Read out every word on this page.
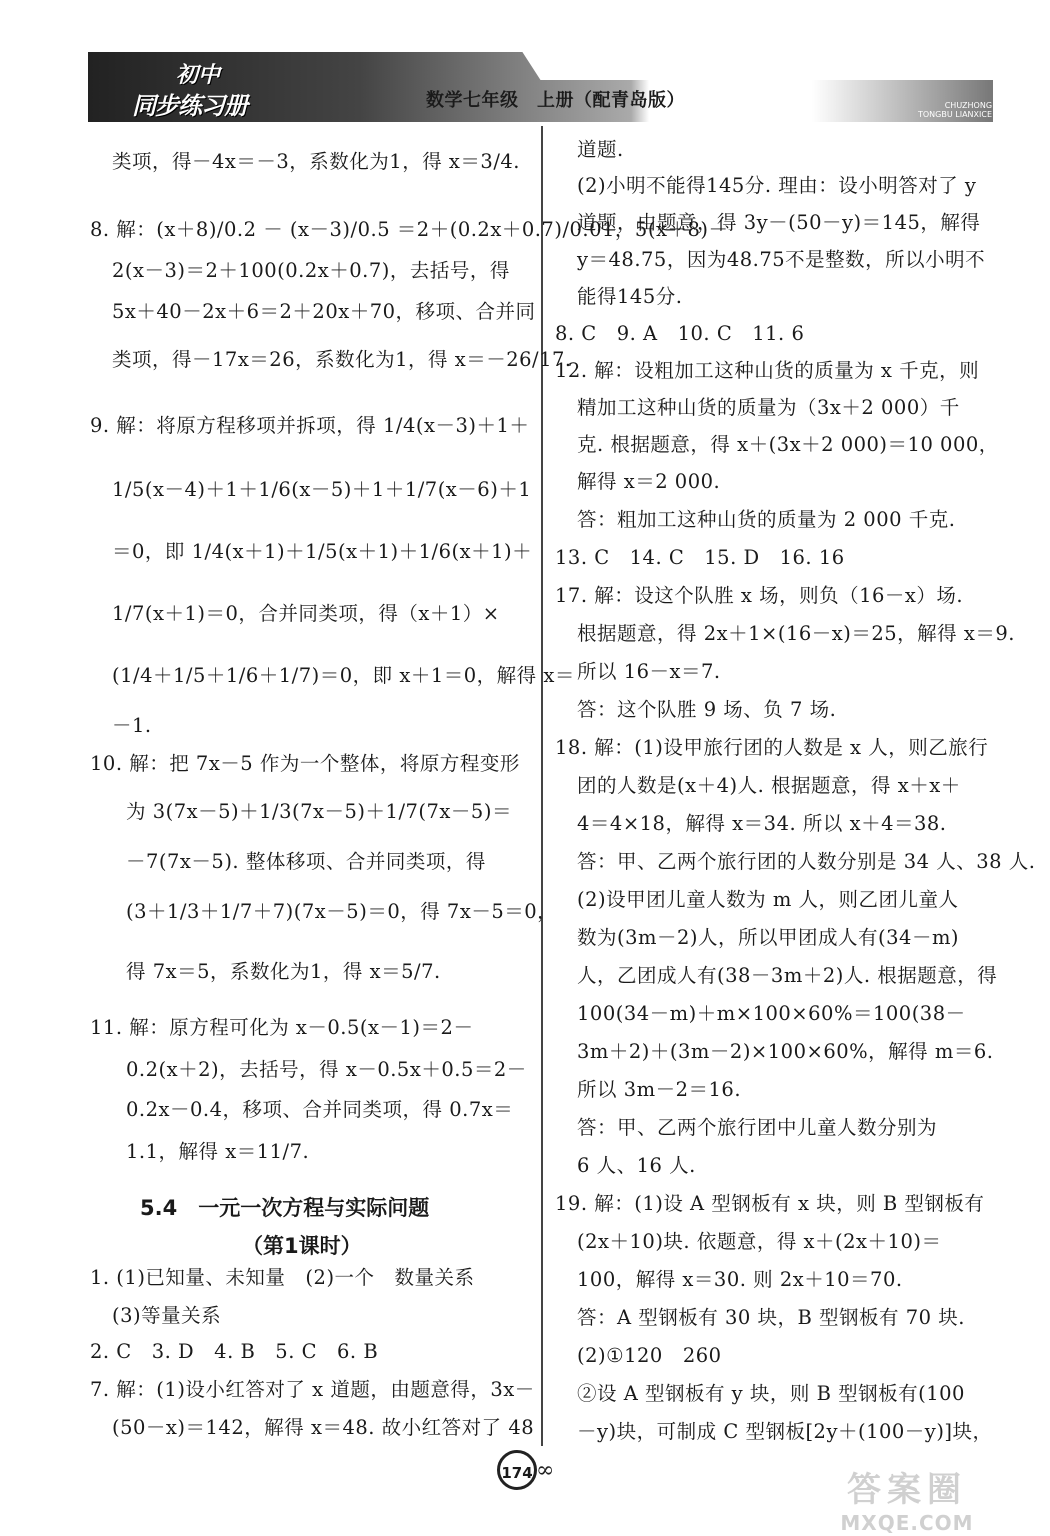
初中
同步练习册	数学七年级　上册（配青岛版）	CHUZHONG
TONGBU LIANXICE
类项，得－4x＝－3，系数化为1，得 x＝3/4.
8. 解：(x＋8)/0.2 － (x－3)/0.5 ＝2＋(0.2x＋0.7)/0.01，5(x＋8)－
2(x－3)＝2＋100(0.2x＋0.7)，去括号，得
5x＋40－2x＋6＝2＋20x＋70，移项、合并同
类项，得－17x＝26，系数化为1，得 x＝－26/17.
9. 解：将原方程移项并拆项，得 1/4(x－3)＋1＋
1/5(x－4)＋1＋1/6(x－5)＋1＋1/7(x－6)＋1
＝0，即 1/4(x＋1)＋1/5(x＋1)＋1/6(x＋1)＋
1/7(x＋1)＝0，合并同类项，得（x＋1）×
(1/4＋1/5＋1/6＋1/7)＝0，即 x＋1＝0，解得 x＝
－1.
10. 解：把 7x－5 作为一个整体，将原方程变形
为 3(7x－5)＋1/3(7x－5)＋1/7(7x－5)＝
－7(7x－5). 整体移项、合并同类项，得
(3＋1/3＋1/7＋7)(7x－5)＝0，得 7x－5＝0，
得 7x＝5，系数化为1，得 x＝5/7.
11. 解：原方程可化为 x－0.5(x－1)＝2－
0.2(x＋2)，去括号，得 x－0.5x＋0.5＝2－
0.2x－0.4，移项、合并同类项，得 0.7x＝
1.1，解得 x＝11/7.
5.4　一元一次方程与实际问题
（第1课时）
1. (1)已知量、未知量　(2)一个　数量关系
(3)等量关系
2. C　3. D　4. B　5. C　6. B
7. 解：(1)设小红答对了 x 道题，由题意得，3x－
(50－x)＝142，解得 x＝48. 故小红答对了 48
道题.
(2)小明不能得145分. 理由：设小明答对了 y
道题，由题意，得 3y－(50－y)＝145，解得
y＝48.75，因为48.75不是整数，所以小明不
能得145分.
8. C　9. A　10. C　11. 6
12. 解：设粗加工这种山货的质量为 x 千克，则
精加工这种山货的质量为（3x＋2 000）千
克. 根据题意，得 x＋(3x＋2 000)＝10 000，
解得 x＝2 000.
答：粗加工这种山货的质量为 2 000 千克.
13. C　14. C　15. D　16. 16
17. 解：设这个队胜 x 场，则负（16－x）场.
根据题意，得 2x＋1×(16－x)＝25，解得 x＝9.
所以 16－x＝7.
答：这个队胜 9 场、负 7 场.
18. 解：(1)设甲旅行团的人数是 x 人，则乙旅行
团的人数是(x＋4)人. 根据题意，得 x＋x＋
4＝4×18，解得 x＝34. 所以 x＋4＝38.
答：甲、乙两个旅行团的人数分别是 34 人、38 人.
(2)设甲团儿童人数为 m 人，则乙团儿童人
数为(3m－2)人，所以甲团成人有(34－m)
人，乙团成人有(38－3m＋2)人. 根据题意，得
100(34－m)＋m×100×60%＝100(38－
3m＋2)＋(3m－2)×100×60%，解得 m＝6.
所以 3m－2＝16.
答：甲、乙两个旅行团中儿童人数分别为
6 人、16 人.
19. 解：(1)设 A 型钢板有 x 块，则 B 型钢板有
(2x＋10)块. 依题意，得 x＋(2x＋10)＝
100，解得 x＝30. 则 2x＋10＝70.
答：A 型钢板有 30 块，B 型钢板有 70 块.
(2)①120　260
②设 A 型钢板有 y 块，则 B 型钢板有(100
－y)块，可制成 C 型钢板[2y＋(100－y)]块，
174 ∞	答案圈
MXQE.COM
